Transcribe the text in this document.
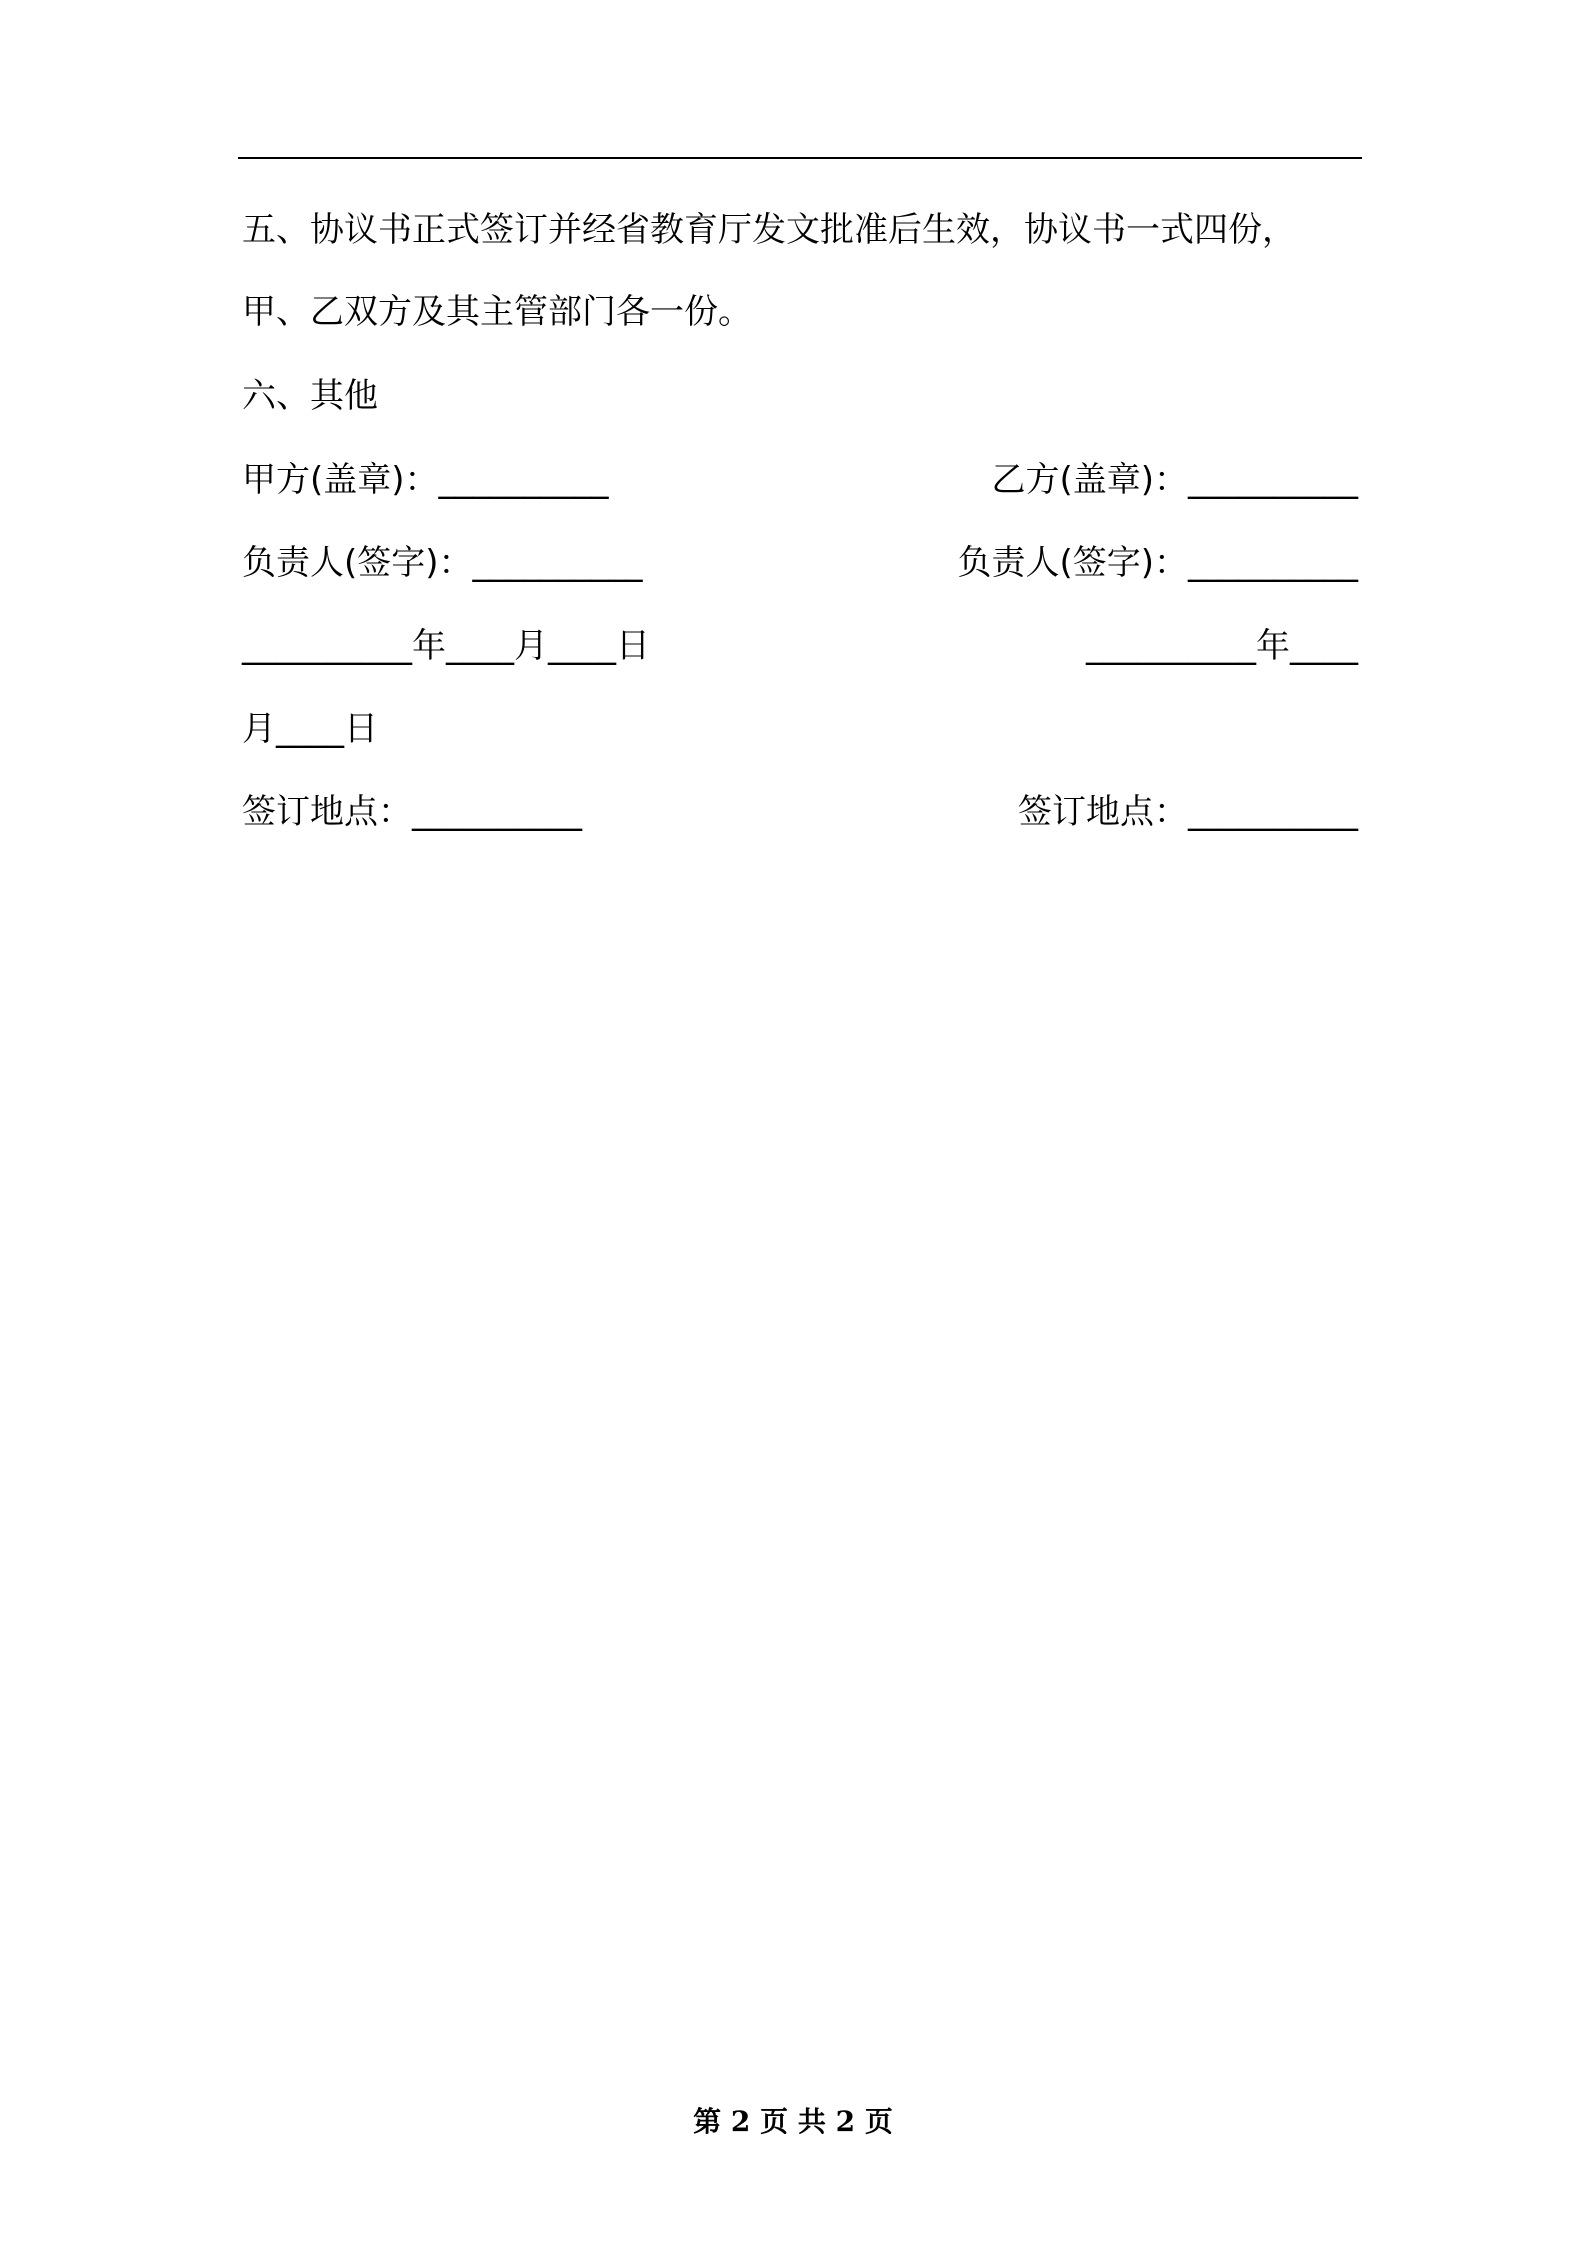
五、协议书正式签订并经省教育厅发文批准后生效，协议书一式四份，
甲、乙双方及其主管部门各一份。
六、其他
甲方(盖章)：__________	乙方(盖章)：__________
负责人(签字)：__________	负责人(签字)：__________
__________年____月____日	__________年____
月____日
签订地点：__________	签订地点：__________
第 2 页 共 2 页
